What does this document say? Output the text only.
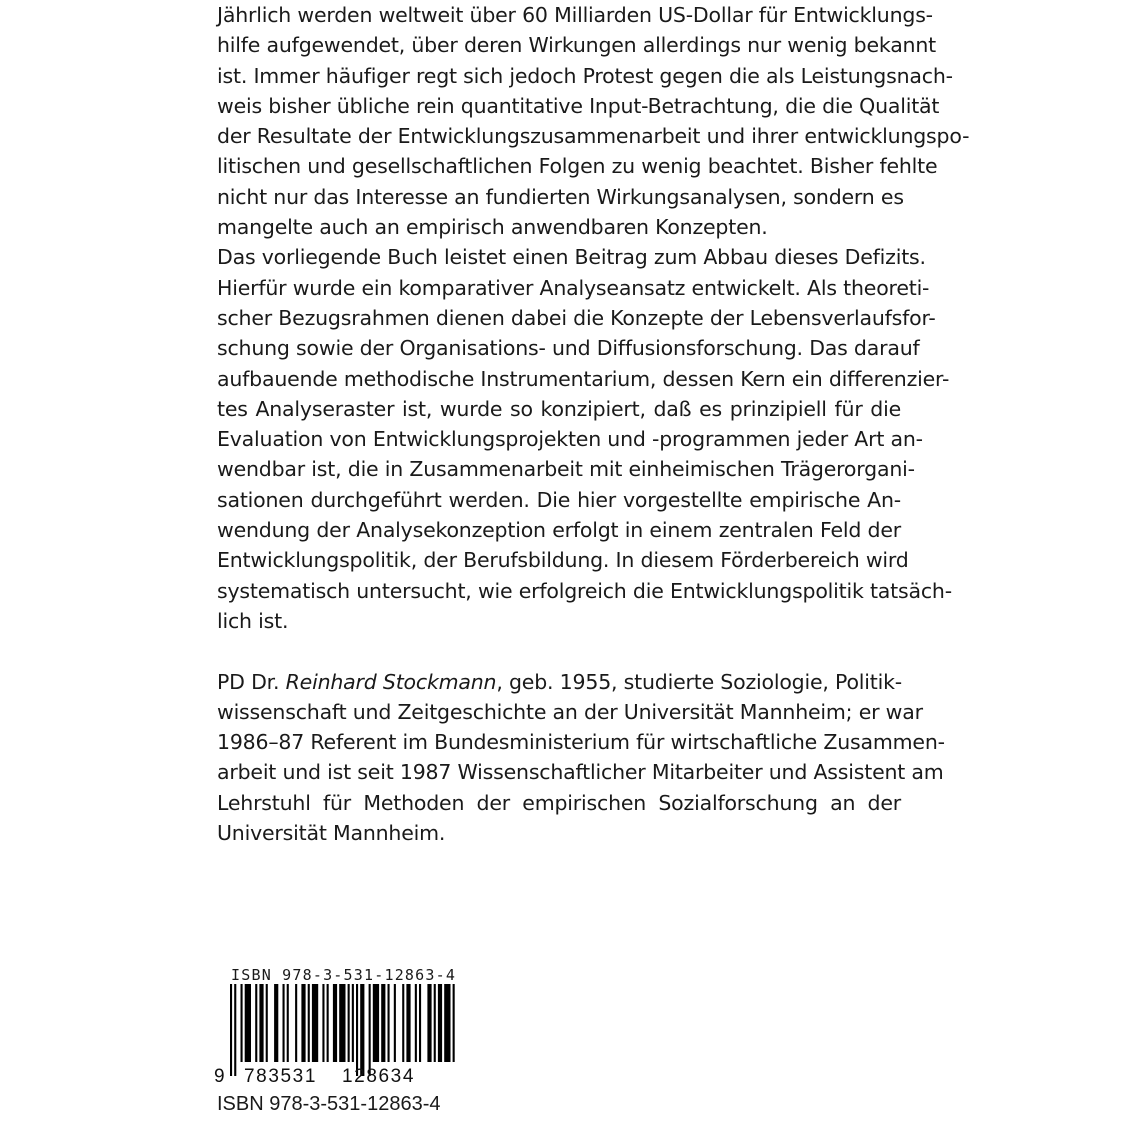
Jährlich werden weltweit über 60 Milliarden US-Dollar für Entwicklungs-
hilfe aufgewendet, über deren Wirkungen allerdings nur wenig bekannt
ist. Immer häufiger regt sich jedoch Protest gegen die als Leistungsnach-
weis bisher übliche rein quantitative Input-Betrachtung, die die Qualität
der Resultate der Entwicklungszusammenarbeit und ihrer entwicklungspo-
litischen und gesellschaftlichen Folgen zu wenig beachtet. Bisher fehlte
nicht nur das Interesse an fundierten Wirkungsanalysen, sondern es
mangelte auch an empirisch anwendbaren Konzepten.
Das vorliegende Buch leistet einen Beitrag zum Abbau dieses Defizits.
Hierfür wurde ein komparativer Analyseansatz entwickelt. Als theoreti-
scher Bezugsrahmen dienen dabei die Konzepte der Lebensverlaufsfor-
schung sowie der Organisations- und Diffusionsforschung. Das darauf
aufbauende methodische Instrumentarium, dessen Kern ein differenzier-
tes Analyseraster ist, wurde so konzipiert, daß es prinzipiell für die
Evaluation von Entwicklungsprojekten und -programmen jeder Art an-
wendbar ist, die in Zusammenarbeit mit einheimischen Trägerorgani-
sationen durchgeführt werden. Die hier vorgestellte empirische An-
wendung der Analysekonzeption erfolgt in einem zentralen Feld der
Entwicklungspolitik, der Berufsbildung. In diesem Förderbereich wird
systematisch untersucht, wie erfolgreich die Entwicklungspolitik tatsäch-
lich ist.
PD Dr. Reinhard Stockmann, geb. 1955, studierte Soziologie, Politik-
wissenschaft und Zeitgeschichte an der Universität Mannheim; er war
1986–87 Referent im Bundesministerium für wirtschaftliche Zusammen-
arbeit und ist seit 1987 Wissenschaftlicher Mitarbeiter und Assistent am
Lehrstuhl für Methoden der empirischen Sozialforschung an der
Universität Mannheim.
ISBN 978-3-531-12863-4
9 783531 128634
ISBN 978-3-531-12863-4
